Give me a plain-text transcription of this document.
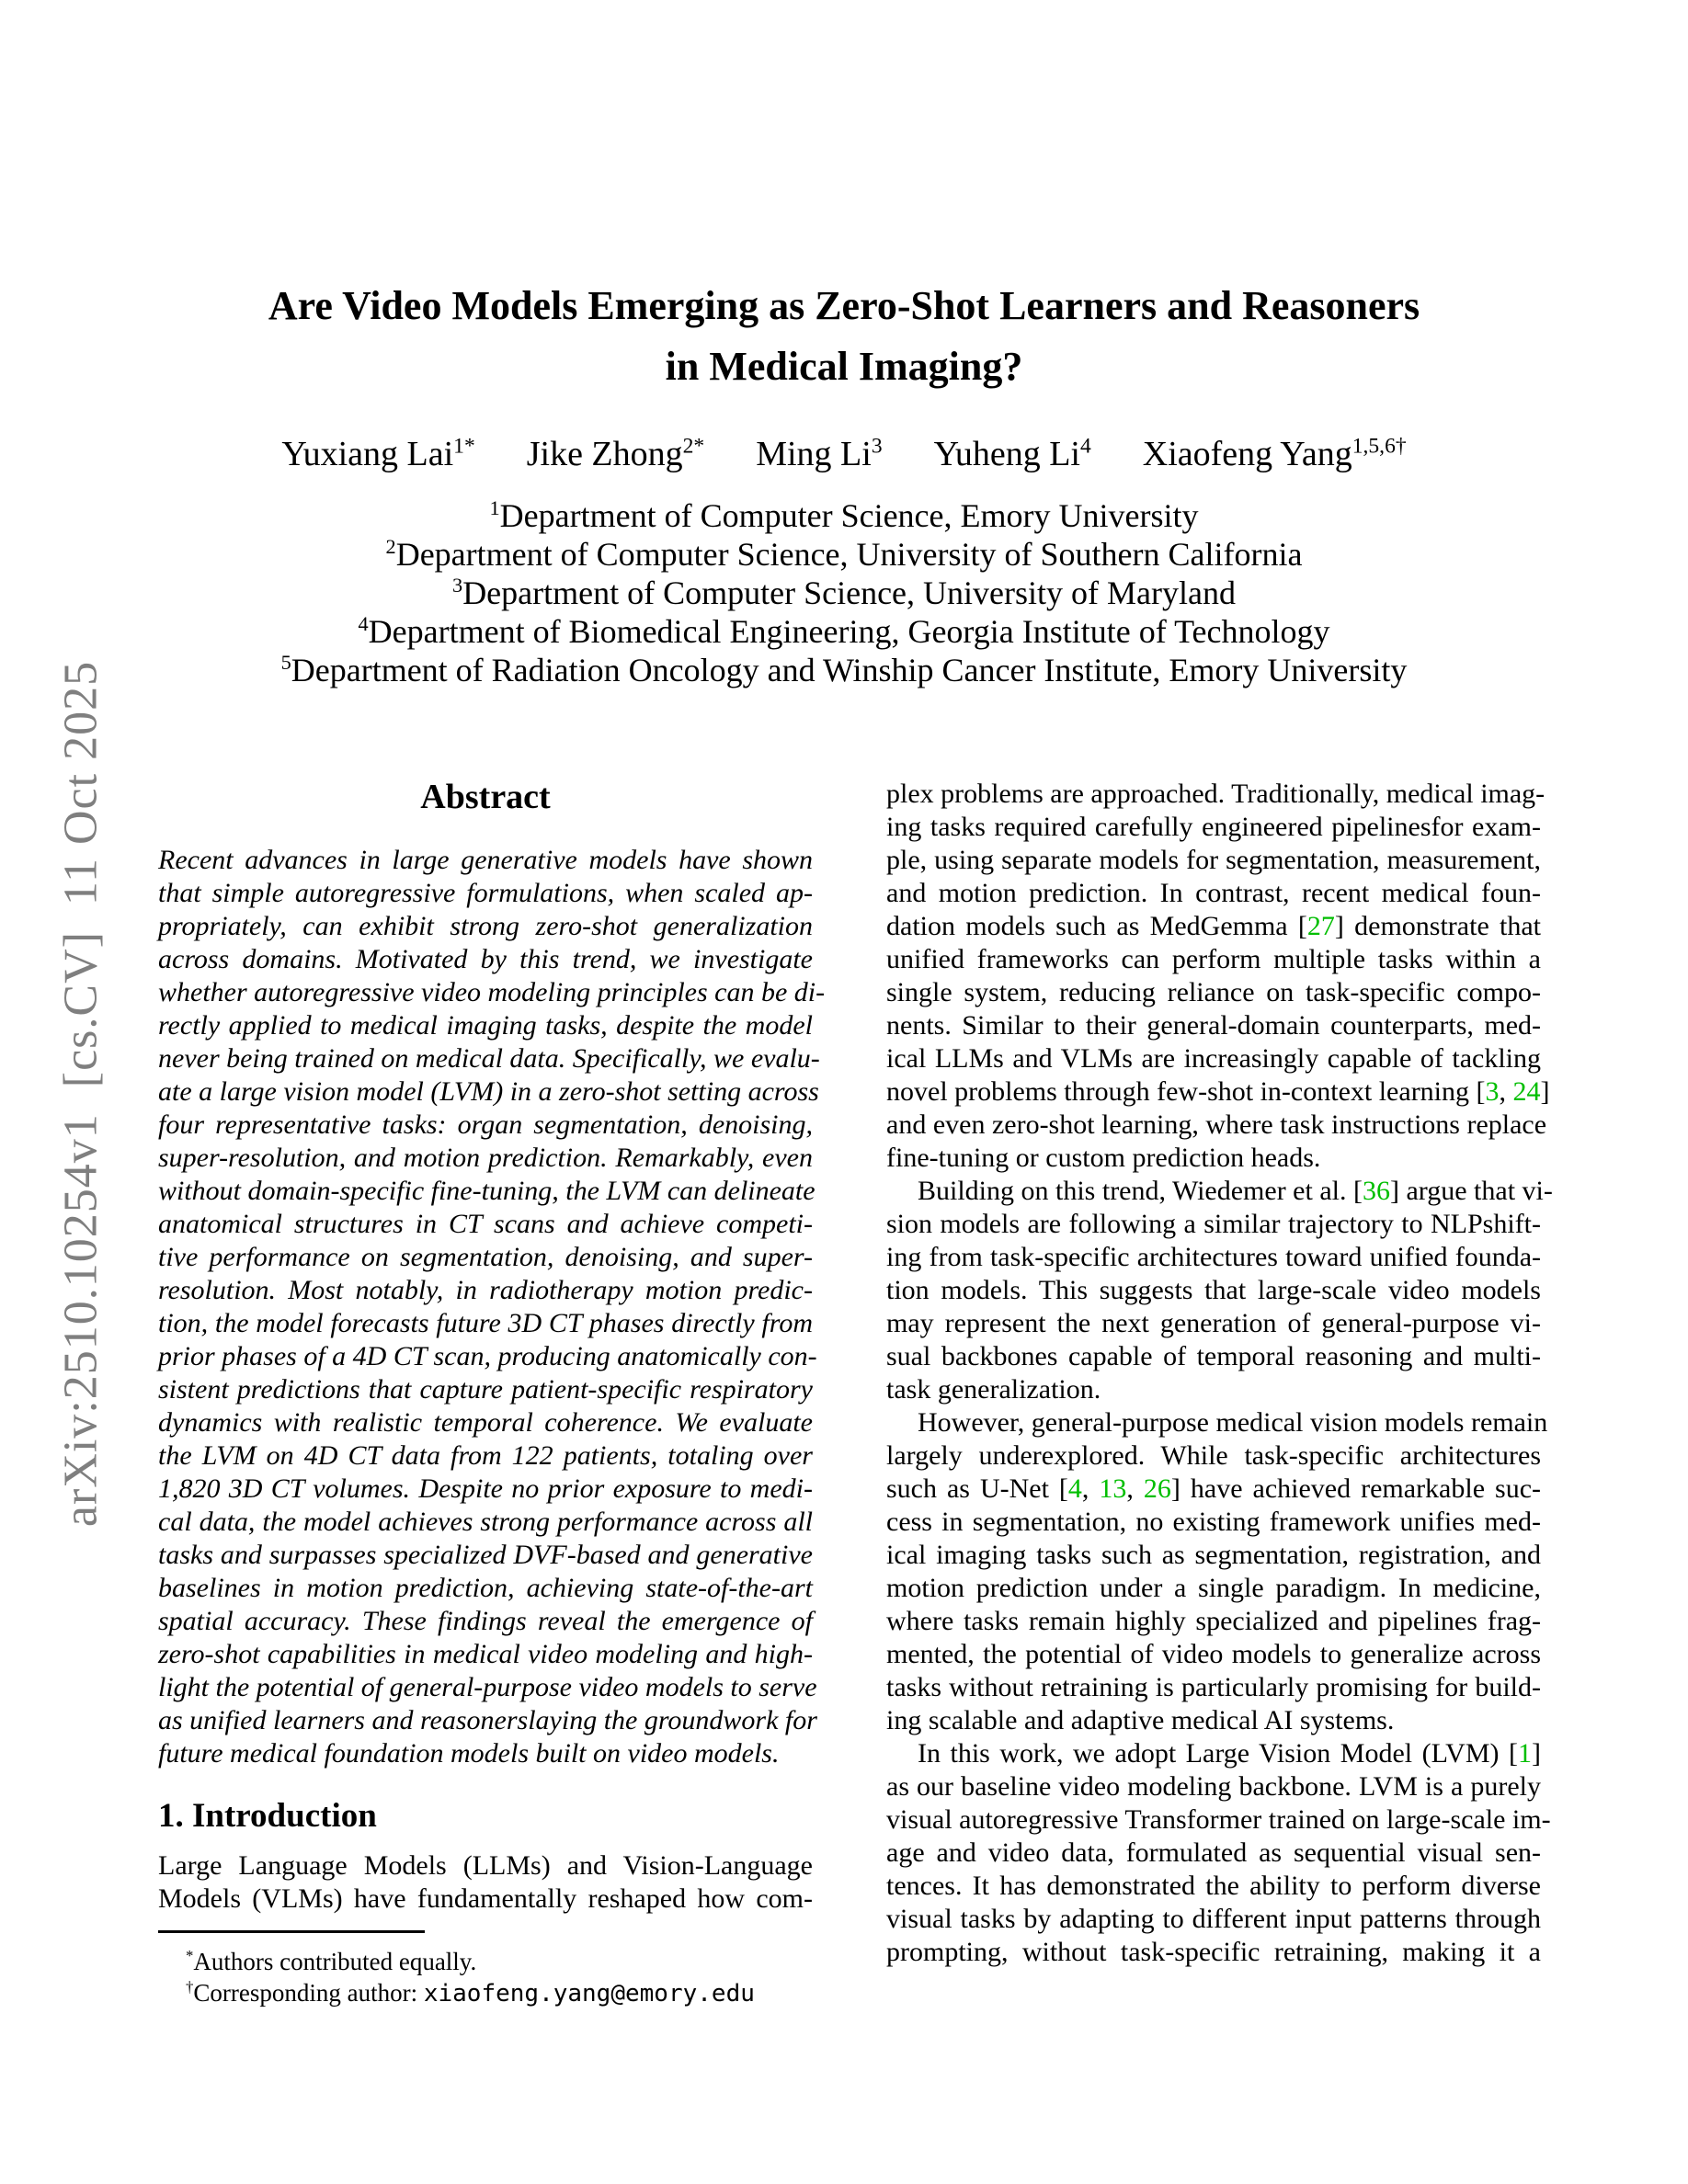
arXiv:2510.10254v1  [cs.CV]  11 Oct 2025
Are Video Models Emerging as Zero-Shot Learners and Reasoners
in Medical Imaging?
Yuxiang Lai$^{1*}$ Jike Zhong$^{2*}$ Ming Li$^3$ Yuheng Li$^4$ Xiaofeng Yang$^{1,5,6\dagger}$
$^1$Department of Computer Science, Emory University
$^2$Department of Computer Science, University of Southern California
$^3$Department of Computer Science, University of Maryland
$^4$Department of Biomedical Engineering, Georgia Institute of Technology
$^5$Department of Radiation Oncology and Winship Cancer Institute, Emory University
Abstract
Recent advances in large generative models have shown
that simple autoregressive formulations, when scaled ap-
propriately, can exhibit strong zero-shot generalization
across domains. Motivated by this trend, we investigate
whether autoregressive video modeling principles can be di-
rectly applied to medical imaging tasks, despite the model
never being trained on medical data. Specifically, we evalu-
ate a large vision model (LVM) in a zero-shot setting across
four representative tasks: organ segmentation, denoising,
super-resolution, and motion prediction. Remarkably, even
without domain-specific fine-tuning, the LVM can delineate
anatomical structures in CT scans and achieve competi-
tive performance on segmentation, denoising, and super-
resolution. Most notably, in radiotherapy motion predic-
tion, the model forecasts future 3D CT phases directly from
prior phases of a 4D CT scan, producing anatomically con-
sistent predictions that capture patient-specific respiratory
dynamics with realistic temporal coherence. We evaluate
the LVM on 4D CT data from 122 patients, totaling over
1,820 3D CT volumes. Despite no prior exposure to medi-
cal data, the model achieves strong performance across all
tasks and surpasses specialized DVF-based and generative
baselines in motion prediction, achieving state-of-the-art
spatial accuracy. These findings reveal the emergence of
zero-shot capabilities in medical video modeling and high-
light the potential of general-purpose video models to serve
as unified learners and reasonerslaying the groundwork for
future medical foundation models built on video models.
1. Introduction
Large Language Models (LLMs) and Vision-Language
Models (VLMs) have fundamentally reshaped how com-
*Authors contributed equally.
†Corresponding author: xiaofeng.yang@emory.edu
plex problems are approached. Traditionally, medical imag-
ing tasks required carefully engineered pipelinesfor exam-
ple, using separate models for segmentation, measurement,
and motion prediction. In contrast, recent medical foun-
dation models such as MedGemma [27] demonstrate that
unified frameworks can perform multiple tasks within a
single system, reducing reliance on task-specific compo-
nents. Similar to their general-domain counterparts, med-
ical LLMs and VLMs are increasingly capable of tackling
novel problems through few-shot in-context learning [3, 24]
and even zero-shot learning, where task instructions replace
fine-tuning or custom prediction heads.
Building on this trend, Wiedemer et al. [36] argue that vi-
sion models are following a similar trajectory to NLPshift-
ing from task-specific architectures toward unified founda-
tion models. This suggests that large-scale video models
may represent the next generation of general-purpose vi-
sual backbones capable of temporal reasoning and multi-
task generalization.
However, general-purpose medical vision models remain
largely underexplored. While task-specific architectures
such as U-Net [4, 13, 26] have achieved remarkable suc-
cess in segmentation, no existing framework unifies med-
ical imaging tasks such as segmentation, registration, and
motion prediction under a single paradigm. In medicine,
where tasks remain highly specialized and pipelines frag-
mented, the potential of video models to generalize across
tasks without retraining is particularly promising for build-
ing scalable and adaptive medical AI systems.
In this work, we adopt Large Vision Model (LVM) [1]
as our baseline video modeling backbone. LVM is a purely
visual autoregressive Transformer trained on large-scale im-
age and video data, formulated as sequential visual sen-
tences. It has demonstrated the ability to perform diverse
visual tasks by adapting to different input patterns through
prompting, without task-specific retraining, making it a
